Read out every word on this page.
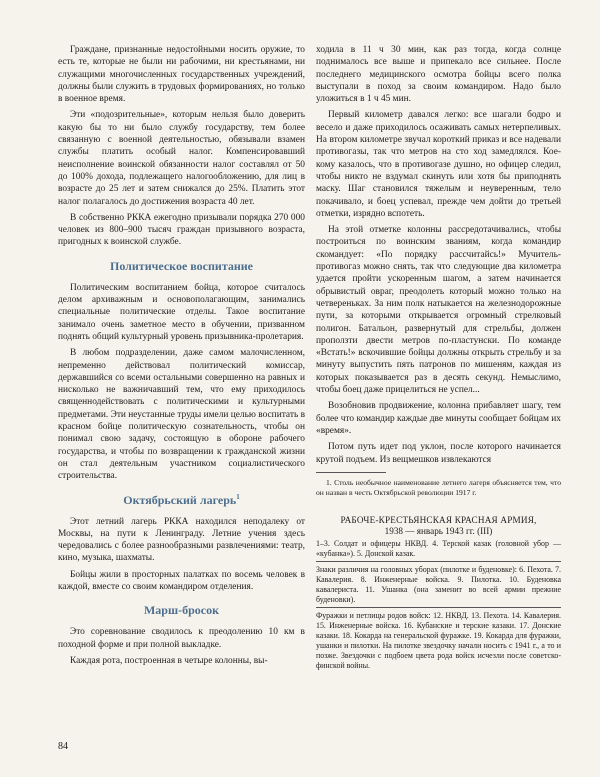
Граждане, признанные недостойными носить оружие, то есть те, которые не были ни рабочими, ни крестьянами, ни служащими многочисленных государственных учреждений, должны были служить в трудовых формированиях, но только в военное время.

Эти «подозрительные», которым нельзя было доверить какую бы то ни было службу государству, тем более связанную с военной деятельностью, обязывали взамен службы платить особый налог. Компенсировавший неисполнение воинской обязанности налог составлял от 50 до 100% дохода, подлежащего налогообложению, для лиц в возрасте до 25 лет и затем снижался до 25%. Платить этот налог полагалось до достижения возраста 40 лет.

В собственно РККА ежегодно призывали порядка 270 000 человек из 800–900 тысяч граждан призывного возраста, пригодных к воинской службе.

Политическое воспитание

Политическим воспитанием бойца, которое считалось делом архиважным и основополагающим, занимались специальные политические отделы. Такое воспитание занимало очень заметное место в обучении, призванном поднять общий культурный уровень призывника-пролетария.

В любом подразделении, даже самом малочисленном, непременно действовал политический комиссар, державшийся со всеми остальными совершенно на равных и нисколько не важничавший тем, что ему приходилось священнодействовать с политическими и культурными предметами. Эти неустанные труды имели целью воспитать в красном бойце политическую сознательность, чтобы он понимал свою задачу, состоящую в обороне рабочего государства, и чтобы по возвращении к гражданской жизни он стал деятельным участником социалистического строительства.

Октябрьский лагерь$^1$

Этот летний лагерь РККА находился неподалеку от Москвы, на пути к Ленинграду. Летние учения здесь чередовались с более разнообразными развлечениями: театр, кино, музыка, шахматы.

Бойцы жили в просторных палатках по восемь человек в каждой, вместе со своим командиром отделения.

Марш-бросок

Это соревнование сводилось к преодолению 10 км в походной форме и при полной выкладке.

Каждая рота, построенная в четыре колонны, вы-

ходила в 11 ч 30 мин, как раз тогда, когда солнце поднималось все выше и припекало все сильнее. После последнего медицинского осмотра бойцы всего полка выступали в поход за своим командиром. Надо было уложиться в 1 ч 45 мин.

Первый километр давался легко: все шагали бодро и весело и даже приходилось осаживать самых нетерпеливых. На втором километре звучал короткий приказ и все надевали противогазы, так что метров на сто ход замедлялся. Кое-кому казалось, что в противогазе душно, но офицер следил, чтобы никто не вздумал скинуть или хотя бы приподнять маску. Шаг становился тяжелым и неуверенным, тело покачивало, и боец успевал, прежде чем дойти до третьей отметки, изрядно вспотеть.

На этой отметке колонны рассредотачивались, чтобы построиться по воинским званиям, когда командир скомандует: «По порядку рассчитайсь!» Мучитель-противогаз можно снять, так что следующие два километра удается пройти ускоренным шагом, а затем начинается обрывистый овраг, преодолеть который можно только на четвереньках. За ним полк натыкается на железнодорожные пути, за которыми открывается огромный стрелковый полигон. Батальон, развернутый для стрельбы, должен проползти двести метров по-пластунски. По команде «Встать!» вскочившие бойцы должны открыть стрельбу и за минуту выпустить пять патронов по мишеням, каждая из которых показывается раз в десять секунд. Немыслимо, чтобы боец даже прицелиться не успел...

Возобновив продвижение, колонна прибавляет шагу, тем более что командир каждые две минуты сообщает бойцам их «время».

Потом путь идет под уклон, после которого начинается крутой подъем. Из вещмешков извлекаются

1. Столь необычное наименование летнего лагеря объясняется тем, что он назван в честь Октябрьской революции 1917 г.

РАБОЧЕ-КРЕСТЬЯНСКАЯ КРАСНАЯ АРМИЯ,

1938 — январь 1943 гг. (III)

1–3. Солдат и офицеры НКВД. 4. Терской казак (головной убор — «кубанка»). 5. Донской казак.

Знаки различия на головных уборах (пилотке и буденовке): 6. Пехота. 7. Кавалерия. 8. Инженерные войска. 9. Пилотка. 10. Буденовка кавалериста. 11. Ушанка (она заменит во всей армии прежние буденовки).

Фуражки и петлицы родов войск: 12. НКВД. 13. Пехота. 14. Кавалерия. 15. Инженерные войска. 16. Кубанские и терские казаки. 17. Донские казаки. 18. Кокарда на генеральской фуражке. 19. Кокарда для фуражки, ушанки и пилотки. На пилотке звездочку начали носить с 1941 г., а то и позже. Звездочки с подбоем цвета рода войск исчезли после советско-финской войны.

84
